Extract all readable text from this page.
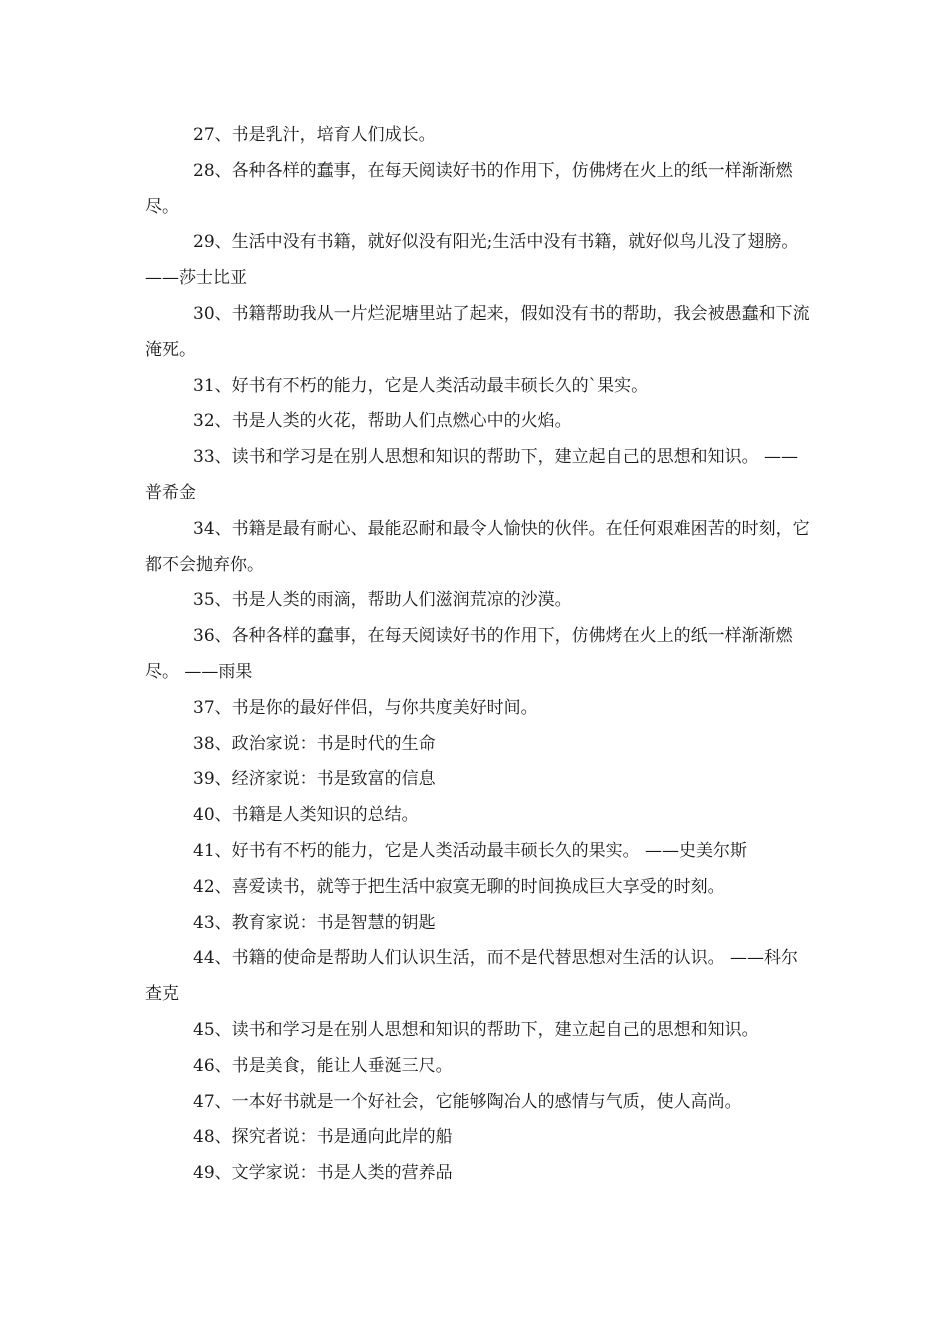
27、书是乳汁，培育人们成长。

28、各种各样的蠢事，在每天阅读好书的作用下，仿佛烤在火上的纸一样渐渐燃尽。

29、生活中没有书籍，就好似没有阳光;生活中没有书籍，就好似鸟儿没了翅膀。 ——莎士比亚

30、书籍帮助我从一片烂泥塘里站了起来，假如没有书的帮助，我会被愚蠢和下流淹死。

31、好书有不朽的能力，它是人类活动最丰硕长久的`果实。

32、书是人类的火花，帮助人们点燃心中的火焰。

33、读书和学习是在别人思想和知识的帮助下，建立起自己的思想和知识。 ——普希金

34、书籍是最有耐心、最能忍耐和最令人愉快的伙伴。在任何艰难困苦的时刻，它都不会抛弃你。

35、书是人类的雨滴，帮助人们滋润荒凉的沙漠。

36、各种各样的蠢事，在每天阅读好书的作用下，仿佛烤在火上的纸一样渐渐燃尽。 ——雨果

37、书是你的最好伴侣，与你共度美好时间。

38、政治家说：书是时代的生命

39、经济家说：书是致富的信息

40、书籍是人类知识的总结。

41、好书有不朽的能力，它是人类活动最丰硕长久的果实。 ——史美尔斯

42、喜爱读书，就等于把生活中寂寞无聊的时间换成巨大享受的时刻。

43、教育家说：书是智慧的钥匙

44、书籍的使命是帮助人们认识生活，而不是代替思想对生活的认识。 ——科尔查克

45、读书和学习是在别人思想和知识的帮助下，建立起自己的思想和知识。

46、书是美食，能让人垂涎三尺。

47、一本好书就是一个好社会，它能够陶冶人的感情与气质，使人高尚。

48、探究者说：书是通向此岸的船

49、文学家说：书是人类的营养品
